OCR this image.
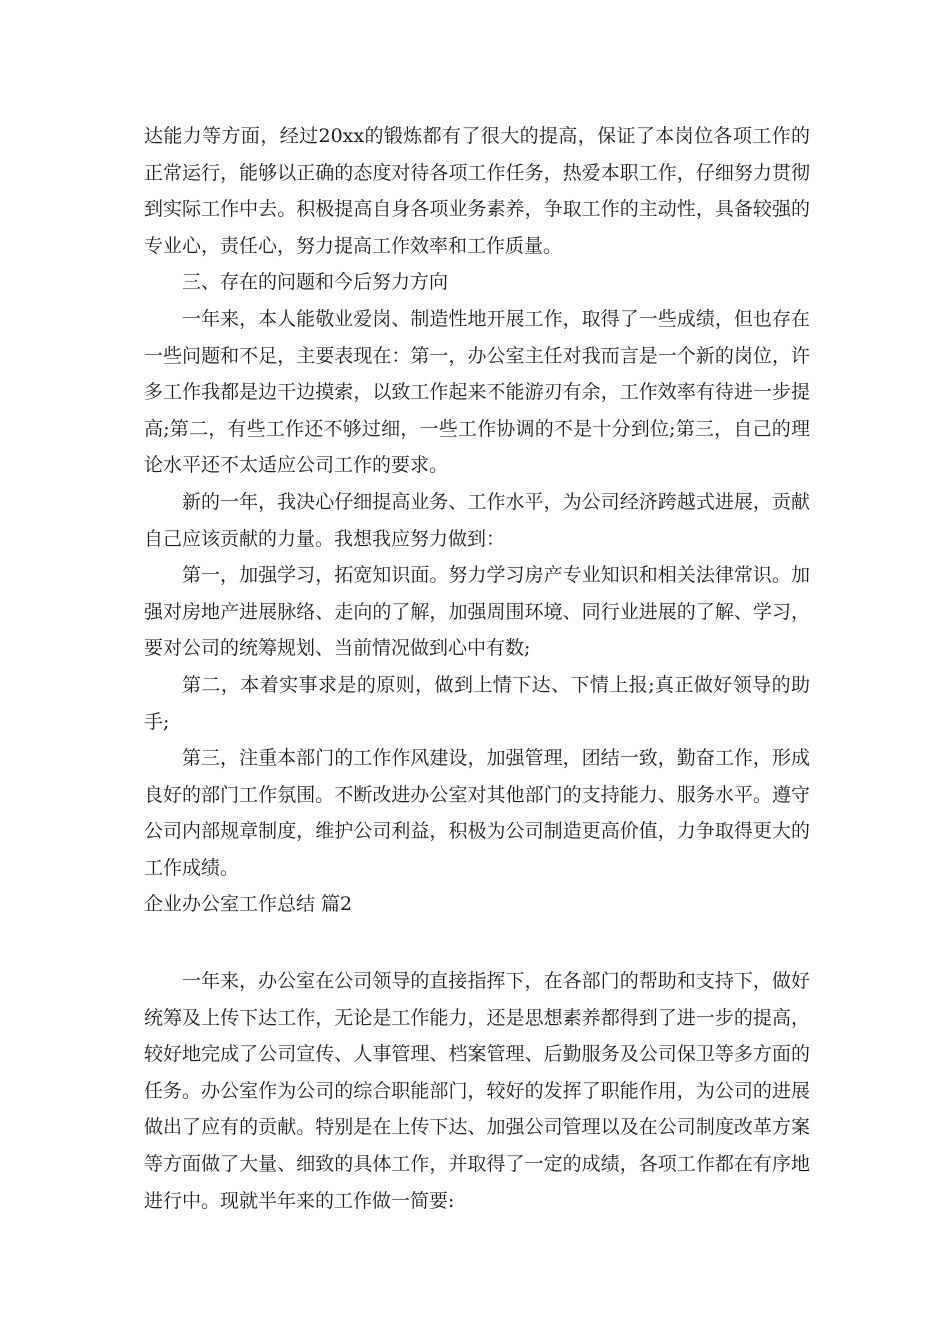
达能力等方面，经过20xx的锻炼都有了很大的提高，保证了本岗位各项工作的正常运行，能够以正确的态度对待各项工作任务，热爱本职工作，仔细努力贯彻到实际工作中去。积极提高自身各项业务素养，争取工作的主动性，具备较强的专业心，责任心，努力提高工作效率和工作质量。

三、存在的问题和今后努力方向

一年来，本人能敬业爱岗、制造性地开展工作，取得了一些成绩，但也存在一些问题和不足，主要表现在：第一，办公室主任对我而言是一个新的岗位，许多工作我都是边干边摸索，以致工作起来不能游刃有余，工作效率有待进一步提高;第二，有些工作还不够过细，一些工作协调的不是十分到位;第三，自己的理论水平还不太适应公司工作的要求。

新的一年，我决心仔细提高业务、工作水平，为公司经济跨越式进展，贡献自己应该贡献的力量。我想我应努力做到：

第一，加强学习，拓宽知识面。努力学习房产专业知识和相关法律常识。加强对房地产进展脉络、走向的了解，加强周围环境、同行业进展的了解、学习，要对公司的统筹规划、当前情况做到心中有数;

第二，本着实事求是的原则，做到上情下达、下情上报;真正做好领导的助手;

第三，注重本部门的工作作风建设，加强管理，团结一致，勤奋工作，形成良好的部门工作氛围。不断改进办公室对其他部门的支持能力、服务水平。遵守公司内部规章制度，维护公司利益，积极为公司制造更高价值，力争取得更大的工作成绩。

企业办公室工作总结 篇2

一年来，办公室在公司领导的直接指挥下，在各部门的帮助和支持下，做好统筹及上传下达工作，无论是工作能力，还是思想素养都得到了进一步的提高，较好地完成了公司宣传、人事管理、档案管理、后勤服务及公司保卫等多方面的任务。办公室作为公司的综合职能部门，较好的发挥了职能作用，为公司的进展做出了应有的贡献。特别是在上传下达、加强公司管理以及在公司制度改革方案等方面做了大量、细致的具体工作，并取得了一定的成绩，各项工作都在有序地进行中。现就半年来的工作做一简要:
